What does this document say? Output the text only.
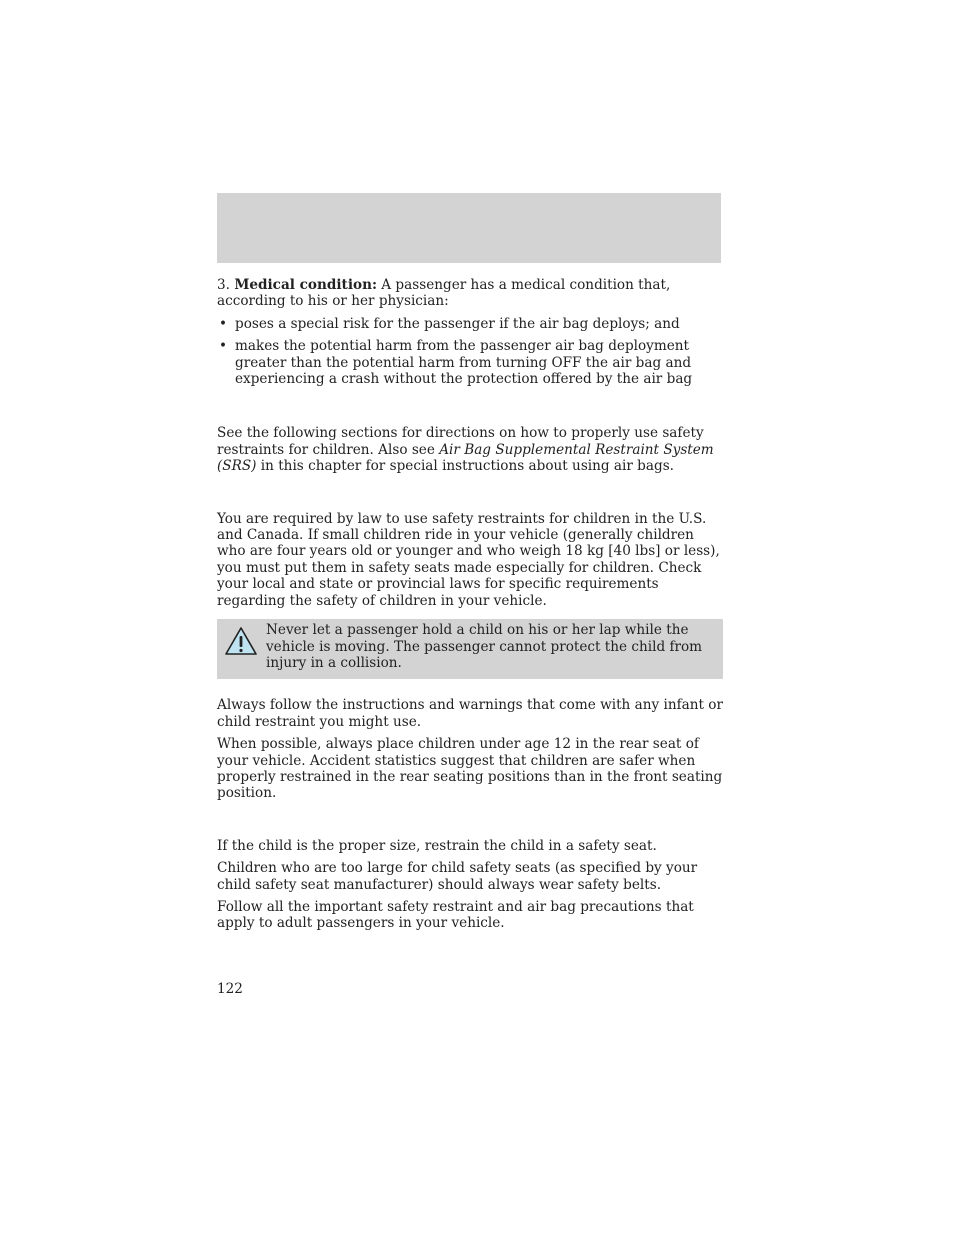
3. Medical condition: A passenger has a medical condition that, according to his or her physician:

• poses a special risk for the passenger if the air bag deploys; and
• makes the potential harm from the passenger air bag deployment greater than the potential harm from turning OFF the air bag and experiencing a crash without the protection offered by the air bag

See the following sections for directions on how to properly use safety restraints for children. Also see Air Bag Supplemental Restraint System (SRS) in this chapter for special instructions about using air bags.

You are required by law to use safety restraints for children in the U.S. and Canada. If small children ride in your vehicle (generally children who are four years old or younger and who weigh 18 kg [40 lbs] or less), you must put them in safety seats made especially for children. Check your local and state or provincial laws for specific requirements regarding the safety of children in your vehicle.

Never let a passenger hold a child on his or her lap while the vehicle is moving. The passenger cannot protect the child from injury in a collision.

Always follow the instructions and warnings that come with any infant or child restraint you might use.

When possible, always place children under age 12 in the rear seat of your vehicle. Accident statistics suggest that children are safer when properly restrained in the rear seating positions than in the front seating position.

If the child is the proper size, restrain the child in a safety seat.

Children who are too large for child safety seats (as specified by your child safety seat manufacturer) should always wear safety belts.

Follow all the important safety restraint and air bag precautions that apply to adult passengers in your vehicle.

122
